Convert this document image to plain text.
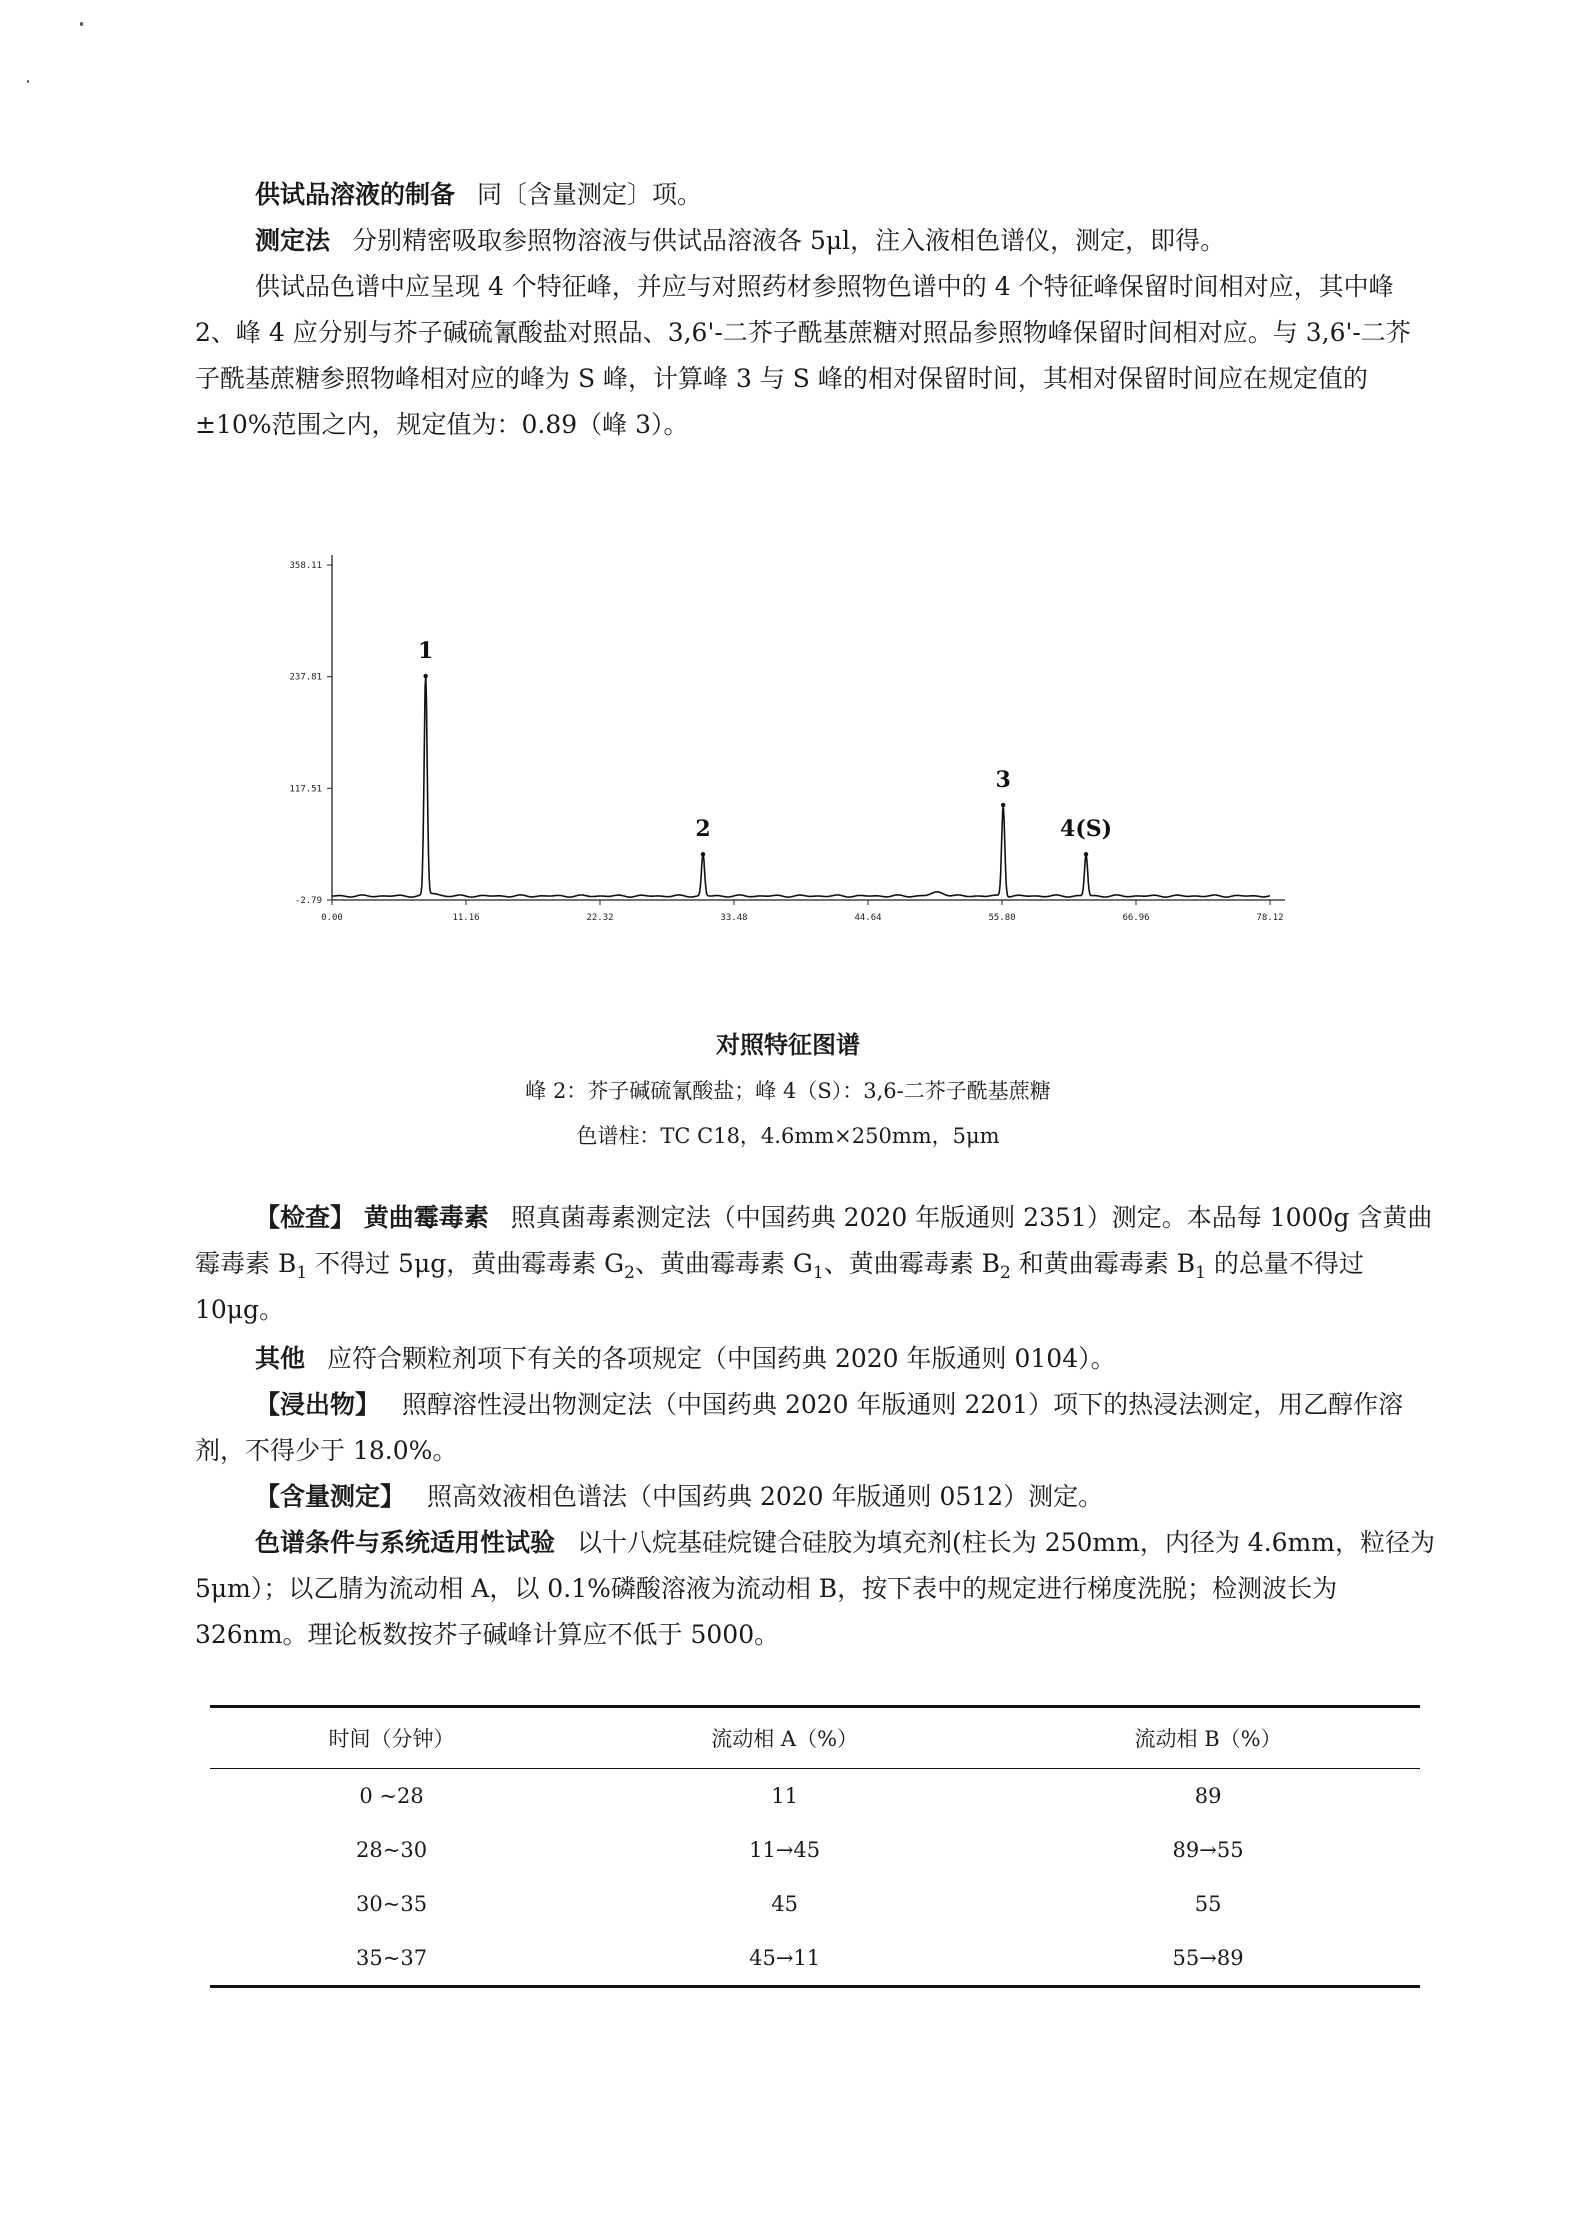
供试品溶液的制备 同〔含量测定〕项。

测定法 分别精密吸取参照物溶液与供试品溶液各 5μl，注入液相色谱仪，测定，即得。

供试品色谱中应呈现 4 个特征峰，并应与对照药材参照物色谱中的 4 个特征峰保留时间相对应，其中峰 2、峰 4 应分别与芥子碱硫氰酸盐对照品、3,6'-二芥子酰基蔗糖对照品参照物峰保留时间相对应。与 3,6'-二芥子酰基蔗糖参照物峰相对应的峰为 S 峰，计算峰 3 与 S 峰的相对保留时间，其相对保留时间应在规定值的±10%范围之内，规定值为：0.89（峰 3）。

358.11
237.81
117.51
-2.79
0.00	11.16	22.32	33.48	44.64	55.80	66.96	78.12
1
2
3
4(S)

对照特征图谱

峰 2：芥子碱硫氰酸盐；峰 4（S）：3,6-二芥子酰基蔗糖

色谱柱：TC C18，4.6mm×250mm，5μm

【检查】 黄曲霉毒素 照真菌毒素测定法（中国药典 2020 年版通则 2351）测定。本品每 1000g 含黄曲霉毒素 $B_1$ 不得过 5μg，黄曲霉毒素 $G_2$、黄曲霉毒素 $G_1$、黄曲霉毒素 $B_2$ 和黄曲霉毒素 $B_1$ 的总量不得过 10μg。

其他 应符合颗粒剂项下有关的各项规定（中国药典 2020 年版通则 0104）。

【浸出物】 照醇溶性浸出物测定法（中国药典 2020 年版通则 2201）项下的热浸法测定，用乙醇作溶剂，不得少于 18.0%。

【含量测定】 照高效液相色谱法（中国药典 2020 年版通则 0512）测定。

色谱条件与系统适用性试验 以十八烷基硅烷键合硅胶为填充剂(柱长为 250mm，内径为 4.6mm，粒径为 5μm）；以乙腈为流动相 A，以 0.1%磷酸溶液为流动相 B，按下表中的规定进行梯度洗脱；检测波长为 326nm。理论板数按芥子碱峰计算应不低于 5000。

时间（分钟）	流动相 A（%）	流动相 B（%）
0 ~28	11	89
28~30	11→45	89→55
30~35	45	55
35~37	45→11	55→89
